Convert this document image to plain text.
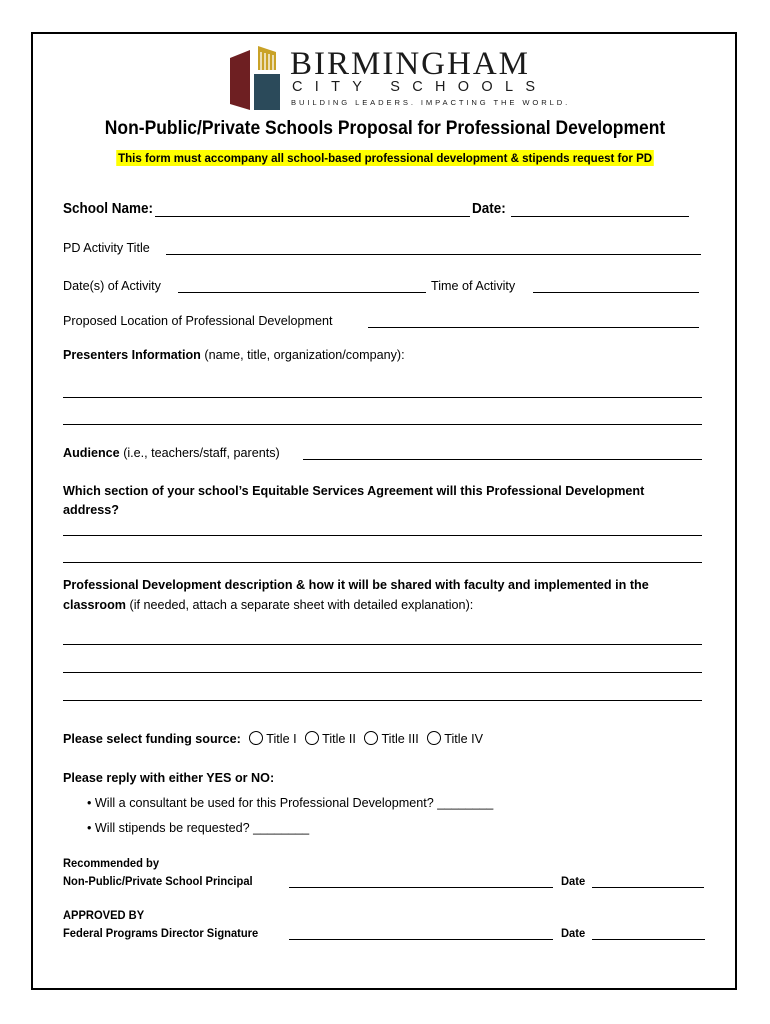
BIRMINGHAM
CITY SCHOOLS
BUILDING LEADERS. IMPACTING THE WORLD.
Non-Public/Private Schools Proposal for Professional Development
This form must accompany all school-based professional development & stipends request for PD
School Name:	Date:
PD Activity Title
Date(s) of Activity	Time of Activity
Proposed Location of Professional Development
Presenters Information (name, title, organization/company):
Audience (i.e., teachers/staff, parents)
Which section of your school’s Equitable Services Agreement will this Professional Development
address?
Professional Development description & how it will be shared with faculty and implemented in the
classroom (if needed, attach a separate sheet with detailed explanation):
Please select funding source: Title I Title II Title III Title IV
Please reply with either YES or NO:
• Will a consultant be used for this Professional Development? ________
• Will stipends be requested? ________
Recommended by
Non-Public/Private School Principal	Date
APPROVED BY
Federal Programs Director Signature	Date
